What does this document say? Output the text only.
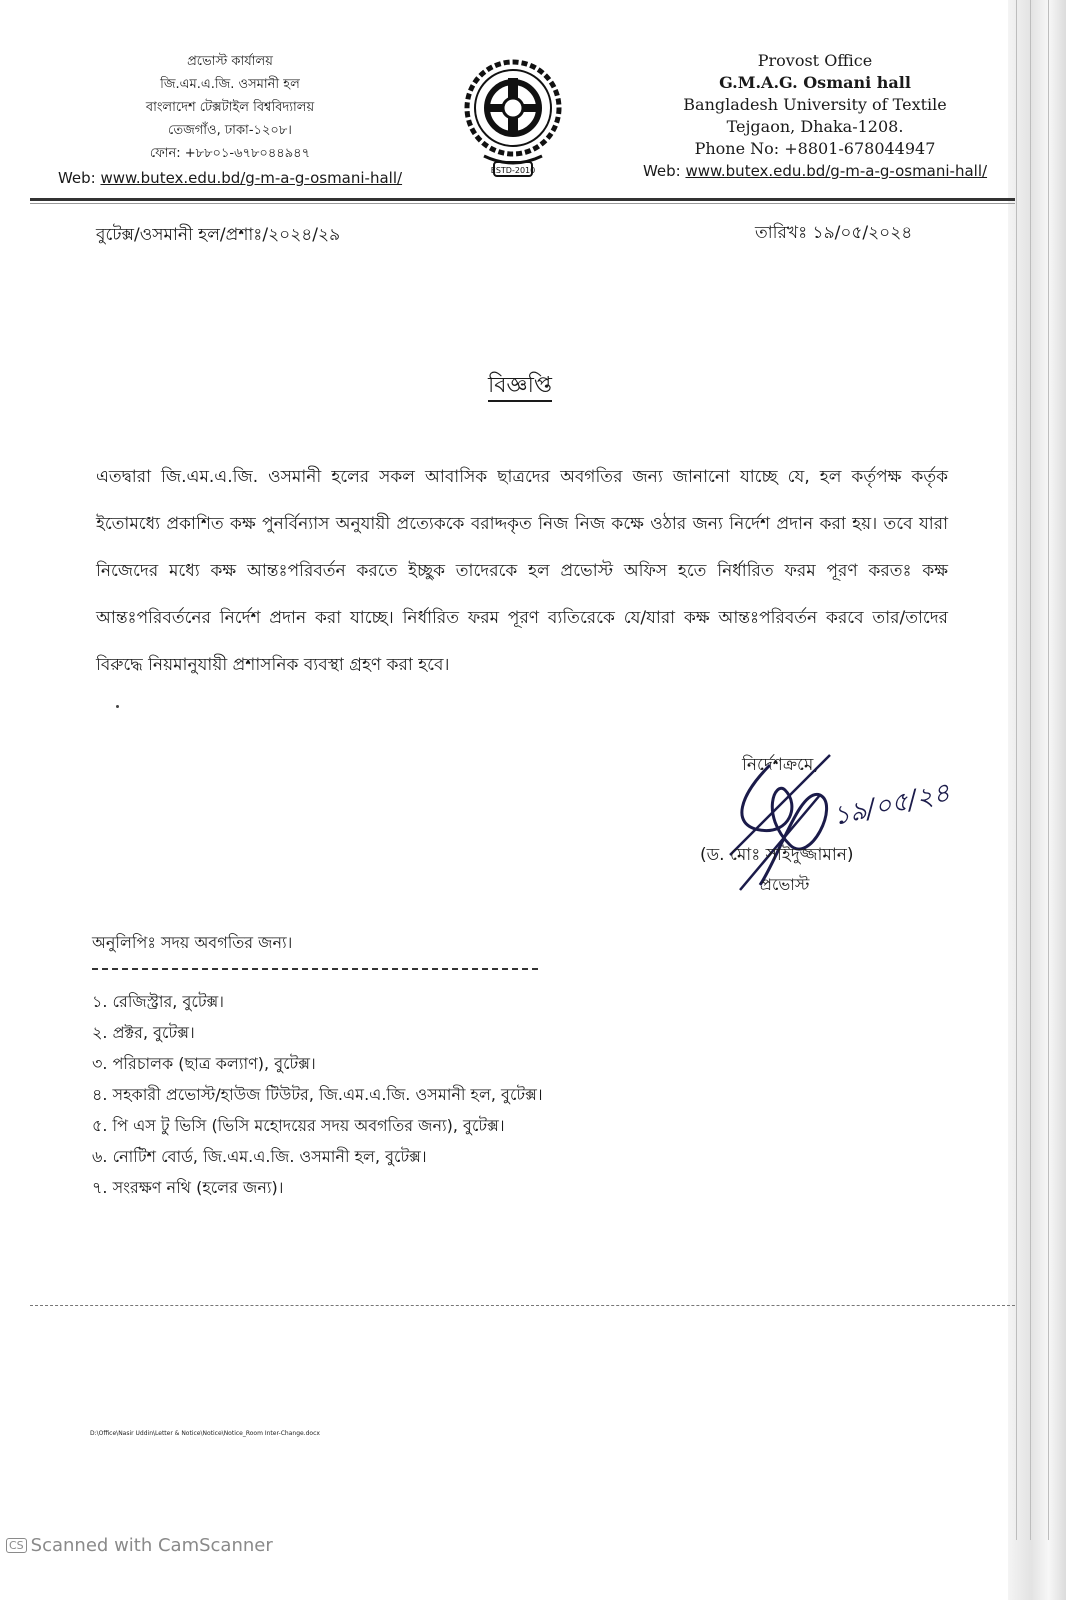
প্রভোস্ট কার্যালয়
জি.এম.এ.জি. ওসমানী হল
বাংলাদেশ টেক্সটাইল বিশ্ববিদ্যালয়
তেজগাঁও, ঢাকা-১২০৮।
ফোন: +৮৮০১-৬৭৮০৪৪৯৪৭
Web: www.butex.edu.bd/g-m-a-g-osmani-hall/	ESTD-2010
Provost Office
G.M.A.G. Osmani hall
Bangladesh University of Textile
Tejgaon, Dhaka-1208.
Phone No: +8801-678044947
Web: www.butex.edu.bd/g-m-a-g-osmani-hall/
বুটেক্স/ওসমানী হল/প্রশাঃ/২০২৪/২৯	তারিখঃ ১৯/০৫/২০২৪
বিজ্ঞপ্তি
এতদ্বারা জি.এম.এ.জি. ওসমানী হলের সকল আবাসিক ছাত্রদের অবগতির জন্য জানানো যাচ্ছে যে, হল কর্তৃপক্ষ কর্তৃক ইতোমধ্যে প্রকাশিত কক্ষ পুনর্বিন্যাস অনুযায়ী প্রত্যেককে বরাদ্দকৃত নিজ নিজ কক্ষে ওঠার জন্য নির্দেশ প্রদান করা হয়। তবে যারা নিজেদের মধ্যে কক্ষ আন্তঃপরিবর্তন করতে ইচ্ছুক তাদেরকে হল প্রভোস্ট অফিস হতে নির্ধারিত ফরম পূরণ করতঃ কক্ষ আন্তঃপরিবর্তনের নির্দেশ প্রদান করা যাচ্ছে। নির্ধারিত ফরম পূরণ ব্যতিরেকে যে/যারা কক্ষ আন্তঃপরিবর্তন করবে তার/তাদের বিরুদ্ধে নিয়মানুযায়ী প্রশাসনিক ব্যবস্থা গ্রহণ করা হবে।
নির্দেশক্রমে,
১৯/০৫/২৪
(ড. মোঃ সাইদুজ্জামান)
প্রভোস্ট
অনুলিপিঃ সদয় অবগতির জন্য।
১. রেজিস্ট্রার, বুটেক্স।
২. প্রক্টর, বুটেক্স।
৩. পরিচালক (ছাত্র কল্যাণ), বুটেক্স।
৪. সহকারী প্রভোস্ট/হাউজ টিউটর, জি.এম.এ.জি. ওসমানী হল, বুটেক্স।
৫. পি এস টু ভিসি (ভিসি মহোদয়ের সদয় অবগতির জন্য), বুটেক্স।
৬. নোটিশ বোর্ড, জি.এম.এ.জি. ওসমানী হল, বুটেক্স।
৭. সংরক্ষণ নথি (হলের জন্য)।
D:\Office\Nasir Uddin\Letter & Notice\Notice\Notice_Room Inter-Change.docx
CS Scanned with CamScanner
